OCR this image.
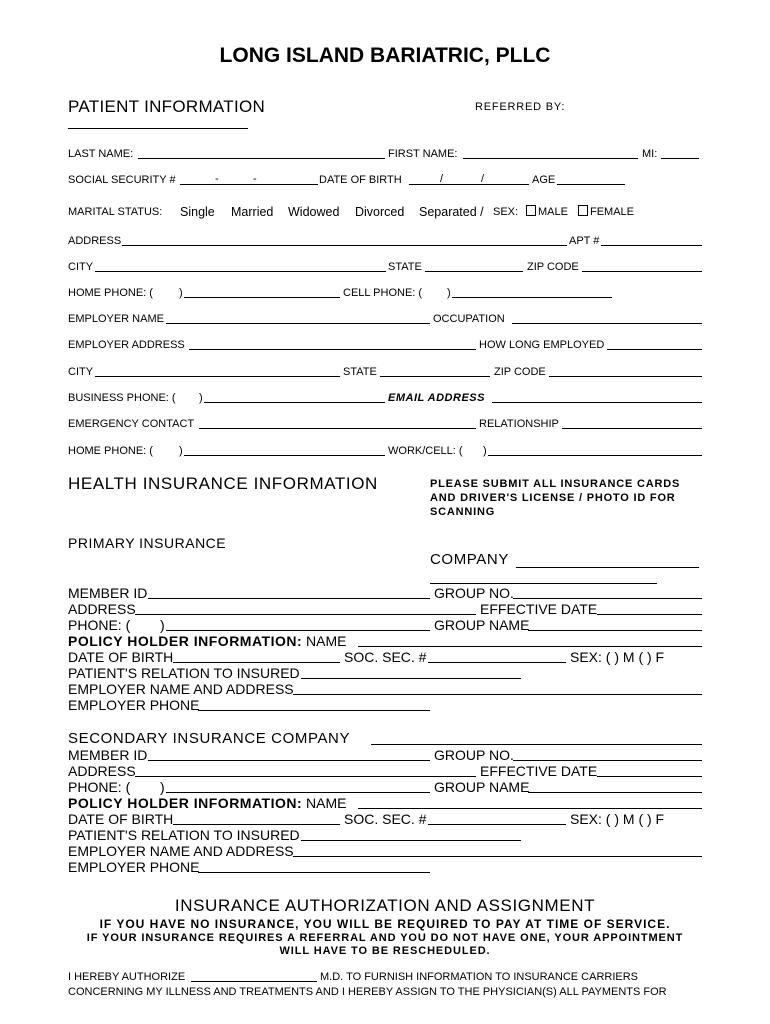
LONG ISLAND BARIATRIC, PLLC
PATIENT INFORMATION	REFERRED BY:
LAST NAME:	FIRST NAME:	MI:
SOCIAL SECURITY #	-	-	DATE OF BIRTH	/	/	AGE
MARITAL STATUS: Single Married Widowed Divorced Separated / SEX:	MALE	FEMALE
ADDRESS	APT #
CITY	STATE	ZIP CODE
HOME PHONE: ( )	CELL PHONE: ( )
EMPLOYER NAME	OCCUPATION
EMPLOYER ADDRESS	HOW LONG EMPLOYED
CITY	STATE	ZIP CODE
BUSINESS PHONE: ( )	EMAIL ADDRESS
EMERGENCY CONTACT	RELATIONSHIP
HOME PHONE: ( )	WORK/CELL: ( )
HEALTH INSURANCE INFORMATION	PLEASE SUBMIT ALL INSURANCE CARDS
AND DRIVER'S LICENSE / PHOTO ID FOR
SCANNING
PRIMARY INSURANCE
COMPANY
MEMBER ID	GROUP NO.
ADDRESS	EFFECTIVE DATE
PHONE: ( )	GROUP NAME
POLICY HOLDER INFORMATION: NAME
DATE OF BIRTH	SOC. SEC. #	SEX: ( ) M ( ) F
PATIENT'S RELATION TO INSURED
EMPLOYER NAME AND ADDRESS
EMPLOYER PHONE
SECONDARY INSURANCE COMPANY
MEMBER ID	GROUP NO.
ADDRESS	EFFECTIVE DATE
PHONE: ( )	GROUP NAME
POLICY HOLDER INFORMATION: NAME
DATE OF BIRTH	SOC. SEC. #	SEX: ( ) M ( ) F
PATIENT'S RELATION TO INSURED
EMPLOYER NAME AND ADDRESS
EMPLOYER PHONE
INSURANCE AUTHORIZATION AND ASSIGNMENT
IF YOU HAVE NO INSURANCE, YOU WILL BE REQUIRED TO PAY AT TIME OF SERVICE.
IF YOUR INSURANCE REQUIRES A REFERRAL AND YOU DO NOT HAVE ONE, YOUR APPOINTMENT
WILL HAVE TO BE RESCHEDULED.
I HEREBY AUTHORIZE	M.D. TO FURNISH INFORMATION TO INSURANCE CARRIERS
CONCERNING MY ILLNESS AND TREATMENTS AND I HEREBY ASSIGN TO THE PHYSICIAN(S) ALL PAYMENTS FOR
